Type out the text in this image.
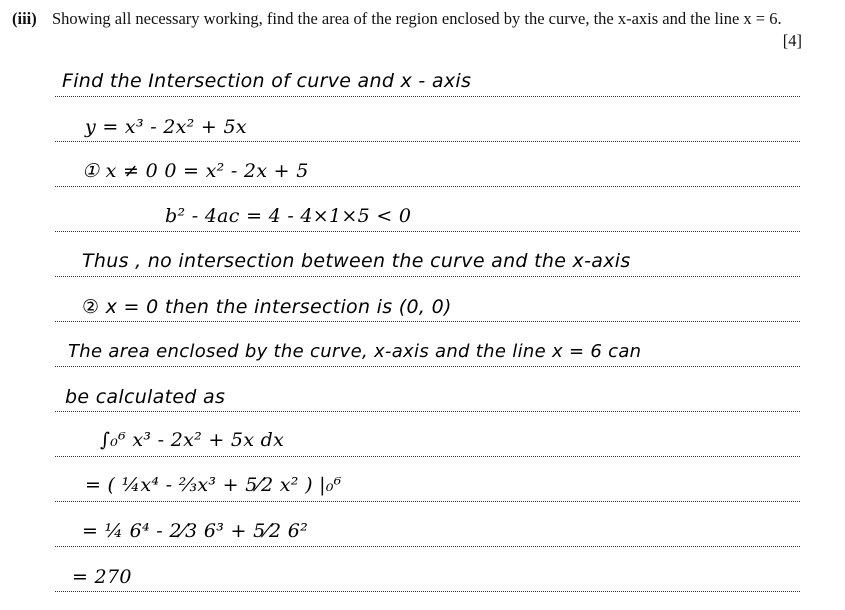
(iii) Showing all necessary working, find the area of the region enclosed by the curve, the x-axis and the line x = 6.
[4]
Find the Intersection of curve and x - axis
y = x³ - 2x² + 5x
① x ≠ 0 0 = x² - 2x + 5
b² - 4ac = 4 - 4×1×5 < 0
Thus , no intersection between the curve and the x-axis
② x = 0 then the intersection is (0, 0)
The area enclosed by the curve, x-axis and the line x = 6 can
be calculated as
∫₀⁶ x³ - 2x² + 5x dx
= ( ¼x⁴ - ⅔x³ + 5⁄2 x² ) |₀⁶
= ¼ 6⁴ - 2⁄3 6³ + 5⁄2 6²
= 270
